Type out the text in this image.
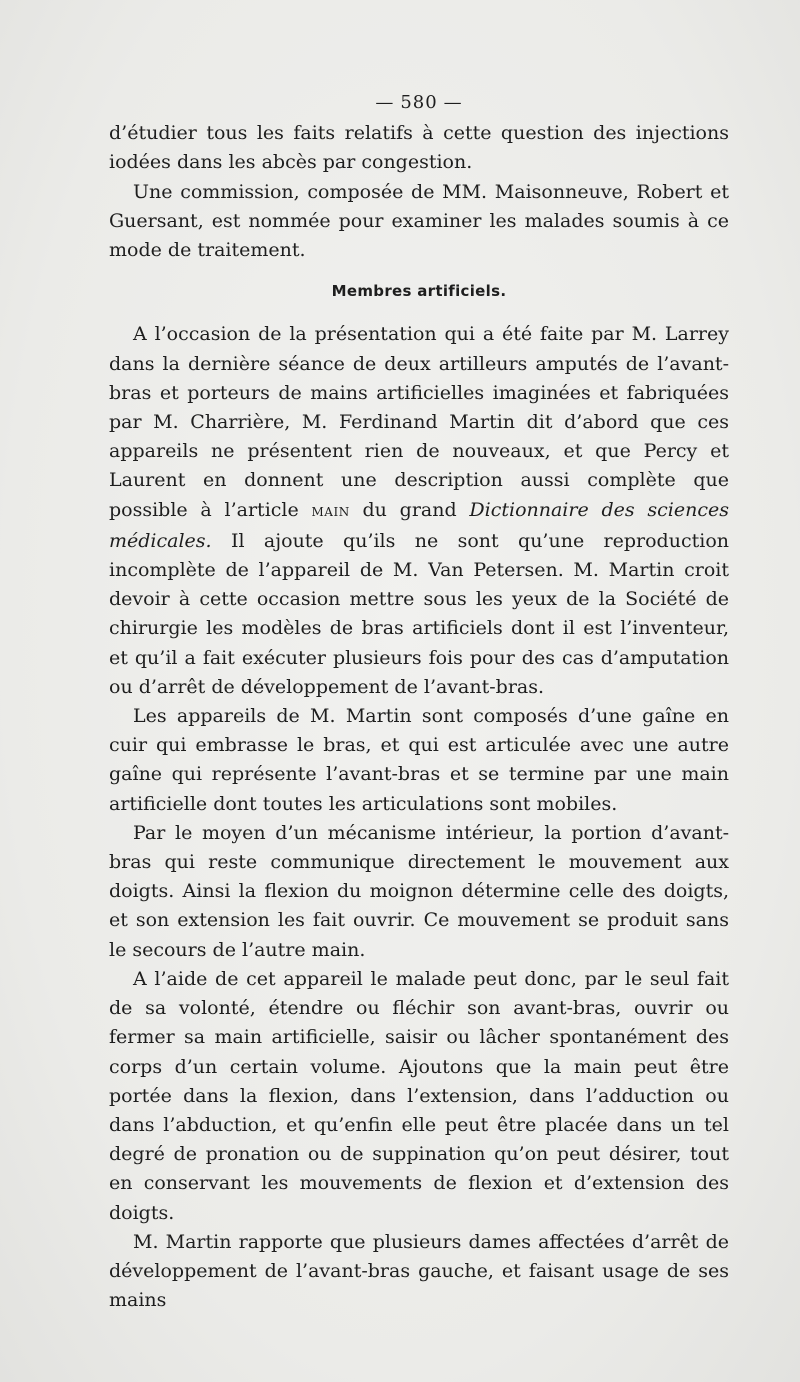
— 580 —

d’étudier tous les faits relatifs à cette question des injections iodées dans les abcès par congestion.

Une commission, composée de MM. Maisonneuve, Robert et Guersant, est nommée pour examiner les malades soumis à ce mode de traitement.

Membres artificiels.

A l’occasion de la présentation qui a été faite par M. Larrey dans la dernière séance de deux artilleurs amputés de l’avant-bras et porteurs de mains artificielles imaginées et fabriquées par M. Charrière, M. Ferdinand Martin dit d’abord que ces appareils ne présentent rien de nouveaux, et que Percy et Laurent en donnent une description aussi complète que possible à l’article MAIN du grand Dictionnaire des sciences médicales. Il ajoute qu’ils ne sont qu’une reproduction incomplète de l’appareil de M. Van Petersen. M. Martin croit devoir à cette occasion mettre sous les yeux de la Société de chirurgie les modèles de bras artificiels dont il est l’inventeur, et qu’il a fait exécuter plusieurs fois pour des cas d’amputation ou d’arrêt de développement de l’avant-bras.

Les appareils de M. Martin sont composés d’une gaîne en cuir qui embrasse le bras, et qui est articulée avec une autre gaîne qui représente l’avant-bras et se termine par une main artificielle dont toutes les articulations sont mobiles.

Par le moyen d’un mécanisme intérieur, la portion d’avant-bras qui reste communique directement le mouvement aux doigts. Ainsi la flexion du moignon détermine celle des doigts, et son extension les fait ouvrir. Ce mouvement se produit sans le secours de l’autre main.

A l’aide de cet appareil le malade peut donc, par le seul fait de sa volonté, étendre ou fléchir son avant-bras, ouvrir ou fermer sa main artificielle, saisir ou lâcher spontanément des corps d’un certain volume. Ajoutons que la main peut être portée dans la flexion, dans l’extension, dans l’adduction ou dans l’abduction, et qu’enfin elle peut être placée dans un tel degré de pronation ou de suppination qu’on peut désirer, tout en conservant les mouvements de flexion et d’extension des doigts.

M. Martin rapporte que plusieurs dames affectées d’arrêt de développement de l’avant-bras gauche, et faisant usage de ses mains
